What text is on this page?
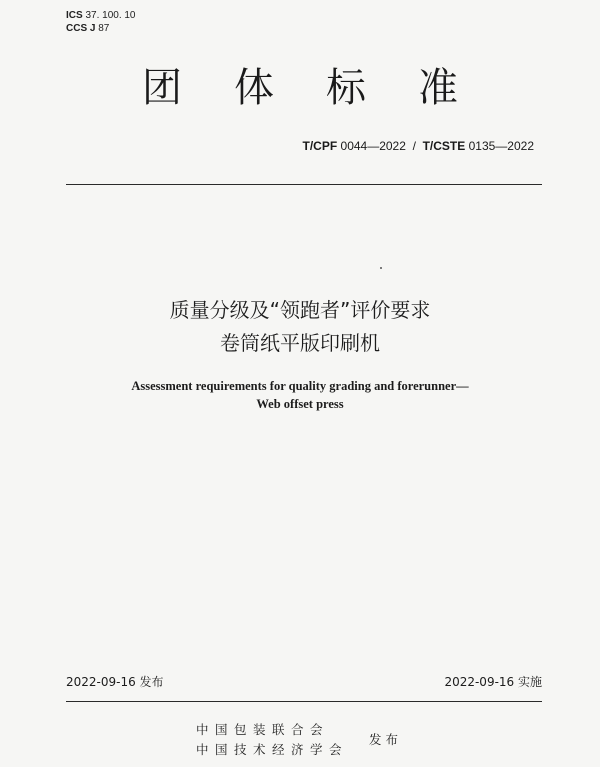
ICS 37. 100. 10
CCS J 87
团体标准
T/CPF 0044—2022 / T/CSTE 0135—2022
质量分级及“领跑者”评价要求
卷筒纸平版印刷机
Assessment requirements for quality grading and forerunner—
Web offset press
2022-09-16 发布	2022-09-16 实施
中国包装联合会
中国技术经济学会
发布
